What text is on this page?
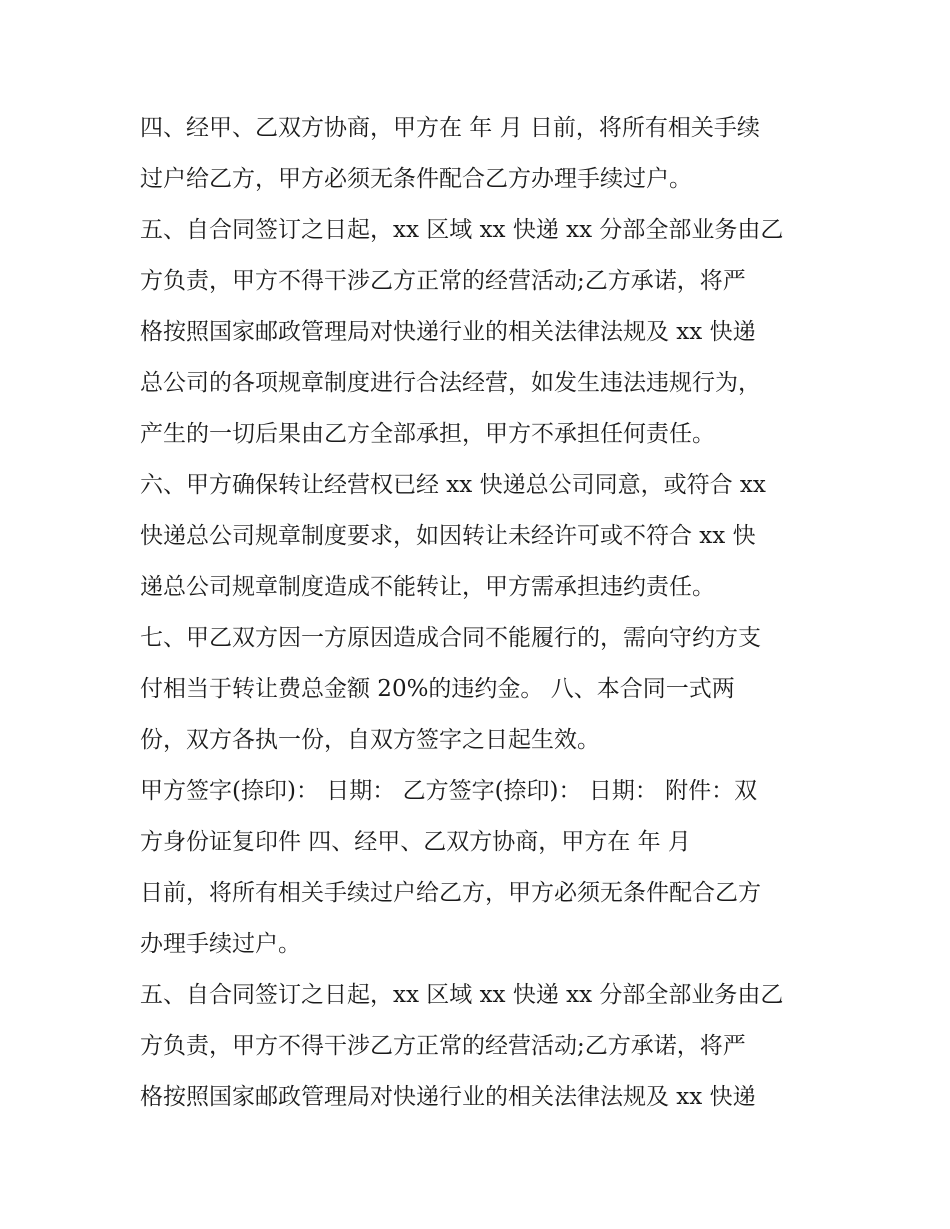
四、经甲、乙双方协商，甲方在 年 月 日前，将所有相关手续
过户给乙方，甲方必须无条件配合乙方办理手续过户。
五、自合同签订之日起，xx 区域 xx 快递 xx 分部全部业务由乙
方负责，甲方不得干涉乙方正常的经营活动;乙方承诺，将严
格按照国家邮政管理局对快递行业的相关法律法规及 xx 快递
总公司的各项规章制度进行合法经营，如发生违法违规行为，
产生的一切后果由乙方全部承担，甲方不承担任何责任。
六、甲方确保转让经营权已经 xx 快递总公司同意，或符合 xx
快递总公司规章制度要求，如因转让未经许可或不符合 xx 快
递总公司规章制度造成不能转让，甲方需承担违约责任。
七、甲乙双方因一方原因造成合同不能履行的，需向守约方支
付相当于转让费总金额 20%的违约金。 八、本合同一式两
份，双方各执一份，自双方签字之日起生效。
甲方签字(捺印)： 日期： 乙方签字(捺印)： 日期： 附件：双
方身份证复印件 四、经甲、乙双方协商，甲方在 年 月
日前，将所有相关手续过户给乙方，甲方必须无条件配合乙方
办理手续过户。
五、自合同签订之日起，xx 区域 xx 快递 xx 分部全部业务由乙
方负责，甲方不得干涉乙方正常的经营活动;乙方承诺，将严
格按照国家邮政管理局对快递行业的相关法律法规及 xx 快递
